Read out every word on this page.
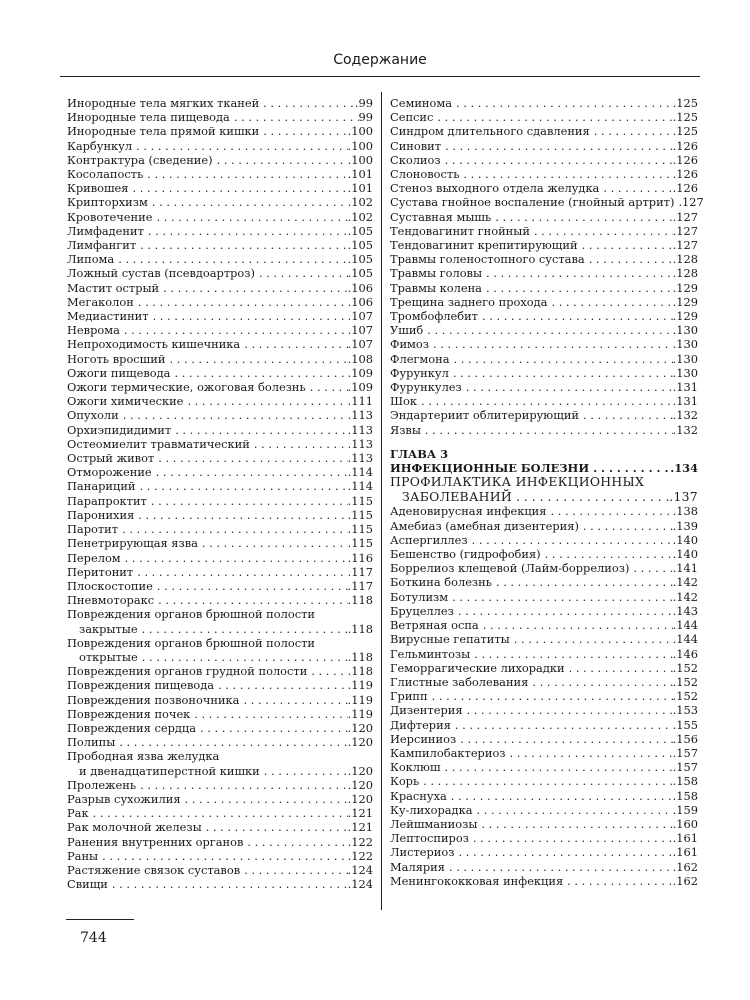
Содержание
Инородные тела мягких тканей . . .	.99
Инородные тела пищевода . . .	99
Инородные тела прямой кишки . . .	.100
Карбункул . . .	.100
Контрактура (сведение) . . .	.100
Косолапость . . .	.101
Кривошея . . .	.101
Крипторхизм . . .	.102
Кровотечение . . .	.102
Лимфаденит . . .	.105
Лимфангит . . .	.105
Липома . . .	.105
Ложный сустав (псевдоартроз) . . .	.105
Мастит острый . . .	.106
Мегаколон . . .	.106
Медиастинит . . .	.107
Неврома . . .	.107
Непроходимость кишечника . . .	.107
Ноготь вросший . . .	.108
Ожоги пищевода . . .	.109
Ожоги термические, ожоговая болезнь . . .	.109
Ожоги химические . . .	.111
Опухоли . . .	.113
Орхиэпидидимит . . .	.113
Остеомиелит травматический . . .	.113
Острый живот . . .	.113
Отморожение . . .	.114
Панариций . . .	.114
Парапроктит . . .	.115
Паронихия . . .	.115
Паротит . . .	.115
Пенетрирующая язва . . .	.115
Перелом . . .	.116
Перитонит . . .	.117
Плоскостопие . . .	.117
Пневмоторакс . . .	.118
Повреждения органов брюшной полости
закрытые . . .	.118
Повреждения органов брюшной полости
открытые . . .	.118
Повреждения органов грудной полости . . .	.118
Повреждения пищевода . . .	.119
Повреждения позвоночника . . .	.119
Повреждения почек . . .	.119
Повреждения сердца . . .	.120
Полипы . . .	.120
Прободная язва желудка
и двенадцатиперстной кишки . . .	.120
Пролежень . . .	.120
Разрыв сухожилия . . .	.120
Рак . . .	.121
Рак молочной железы . . .	.121
Ранения внутренних органов . . .	.122
Раны . . .	.122
Растяжение связок суставов . . .	.124
Свищи . . .	.124
Семинома . . .	.125
Сепсис . . .	.125
Синдром длительного сдавления . . .	.125
Синовит . . .	.126
Сколиоз . . .	.126
Слоновость . . .	.126
Стеноз выходного отдела желудка . . .	.126
Сустава гнойное воспаление (гнойный артрит) . . . .127
Суставная мышь . . .	.127
Тендовагинит гнойный . . .	.127
Тендовагинит крепитирующий . . .	.127
Травмы голеностопного сустава . . .	.128
Травмы головы . . .	.128
Травмы колена . . .	.129
Трещина заднего прохода . . .	.129
Тромбофлебит . . .	.129
Ушиб . . .	.130
Фимоз . . .	.130
Флегмона . . .	.130
Фурункул . . .	.130
Фурункулез . . .	.131
Шок . . .	.131
Эндартериит облитерирующий . . .	.132
Язвы . . .	.132
ГЛАВА 3
ИНФЕКЦИОННЫЕ БОЛЕЗНИ . . .	.134
ПРОФИЛАКТИКА ИНФЕКЦИОННЫХ
ЗАБОЛЕВАНИЙ . . .	.137
Аденовирусная инфекция . . .	.138
Амебиаз (амебная дизентерия) . . .	.139
Аспергиллез . . .	.140
Бешенство (гидрофобия) . . .	.140
Боррелиоз клещевой (Лайм-боррелиоз) . . .	.141
Боткина болезнь . . .	.142
Ботулизм . . .	.142
Бруцеллез . . .	.143
Ветряная оспа . . .	.144
Вирусные гепатиты . . .	.144
Гельминтозы . . .	.146
Геморрагические лихорадки . . .	.152
Глистные заболевания . . .	.152
Грипп . . .	.152
Дизентерия . . .	.153
Дифтерия . . .	.155
Иерсиниоз . . .	.156
Кампилобактериоз . . .	.157
Коклюш . . .	.157
Корь . . .	.158
Краснуха . . .	.158
Ку-лихорадка . . .	.159
Лейшманиозы . . .	.160
Лептоспироз . . .	.161
Листериоз . . .	.161
Малярия . . .	.162
Менингококковая инфекция . . .	.162
744
